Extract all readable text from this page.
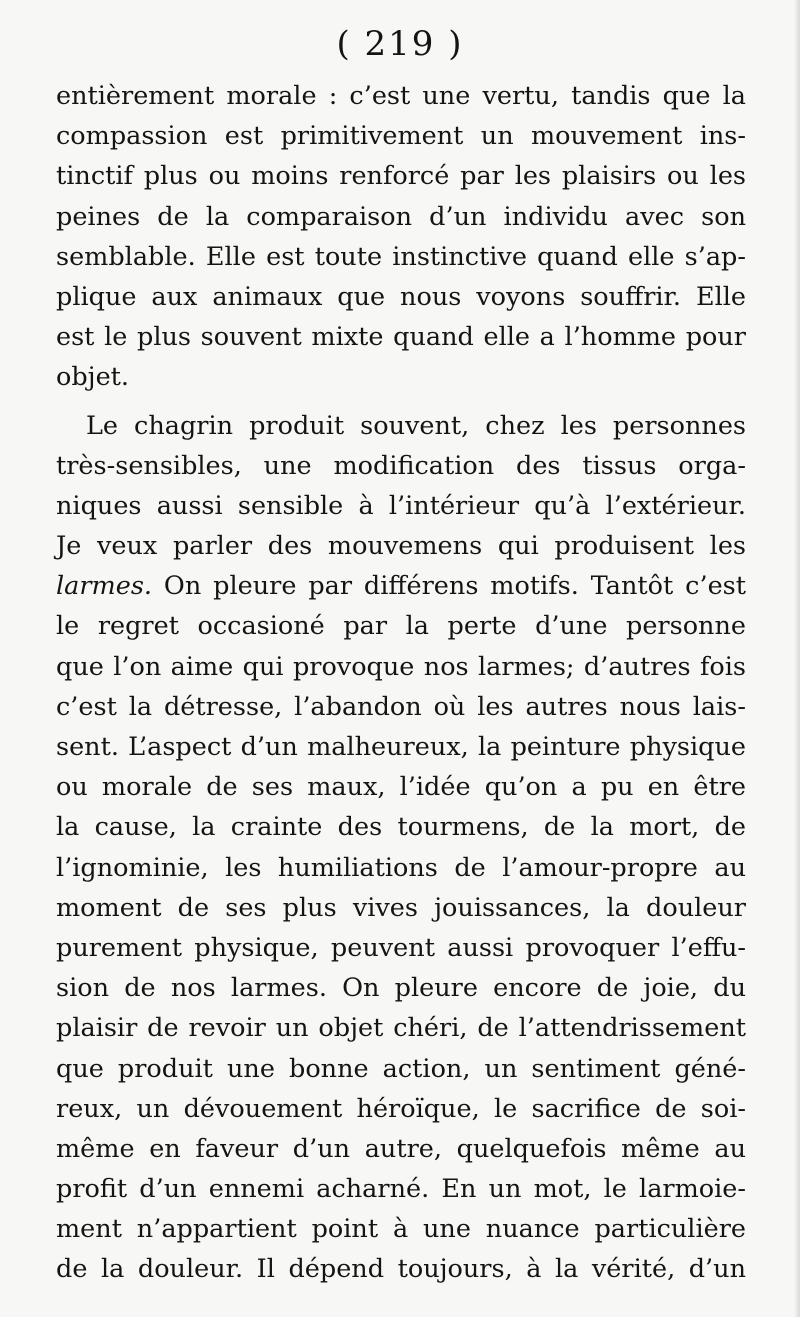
( 219 )
entièrement morale : c’est une vertu, tandis que la
compassion est primitivement un mouvement ins-
tinctif plus ou moins renforcé par les plaisirs ou les
peines de la comparaison d’un individu avec son
semblable. Elle est toute instinctive quand elle s’ap-
plique aux animaux que nous voyons souffrir. Elle
est le plus souvent mixte quand elle a l’homme pour
objet.
Le chagrin produit souvent, chez les personnes
très-sensibles, une modification des tissus orga-
niques aussi sensible à l’intérieur qu’à l’extérieur.
Je veux parler des mouvemens qui produisent les
larmes. On pleure par différens motifs. Tantôt c’est
le regret occasioné par la perte d’une personne
que l’on aime qui provoque nos larmes; d’autres fois
c’est la détresse, l’abandon où les autres nous lais-
sent. L’aspect d’un malheureux, la peinture physique
ou morale de ses maux, l’idée qu’on a pu en être
la cause, la crainte des tourmens, de la mort, de
l’ignominie, les humiliations de l’amour-propre au
moment de ses plus vives jouissances, la douleur
purement physique, peuvent aussi provoquer l’effu-
sion de nos larmes. On pleure encore de joie, du
plaisir de revoir un objet chéri, de l’attendrissement
que produit une bonne action, un sentiment géné-
reux, un dévouement héroïque, le sacrifice de soi-
même en faveur d’un autre, quelquefois même au
profit d’un ennemi acharné. En un mot, le larmoie-
ment n’appartient point à une nuance particulière
de la douleur. Il dépend toujours, à la vérité, d’un
